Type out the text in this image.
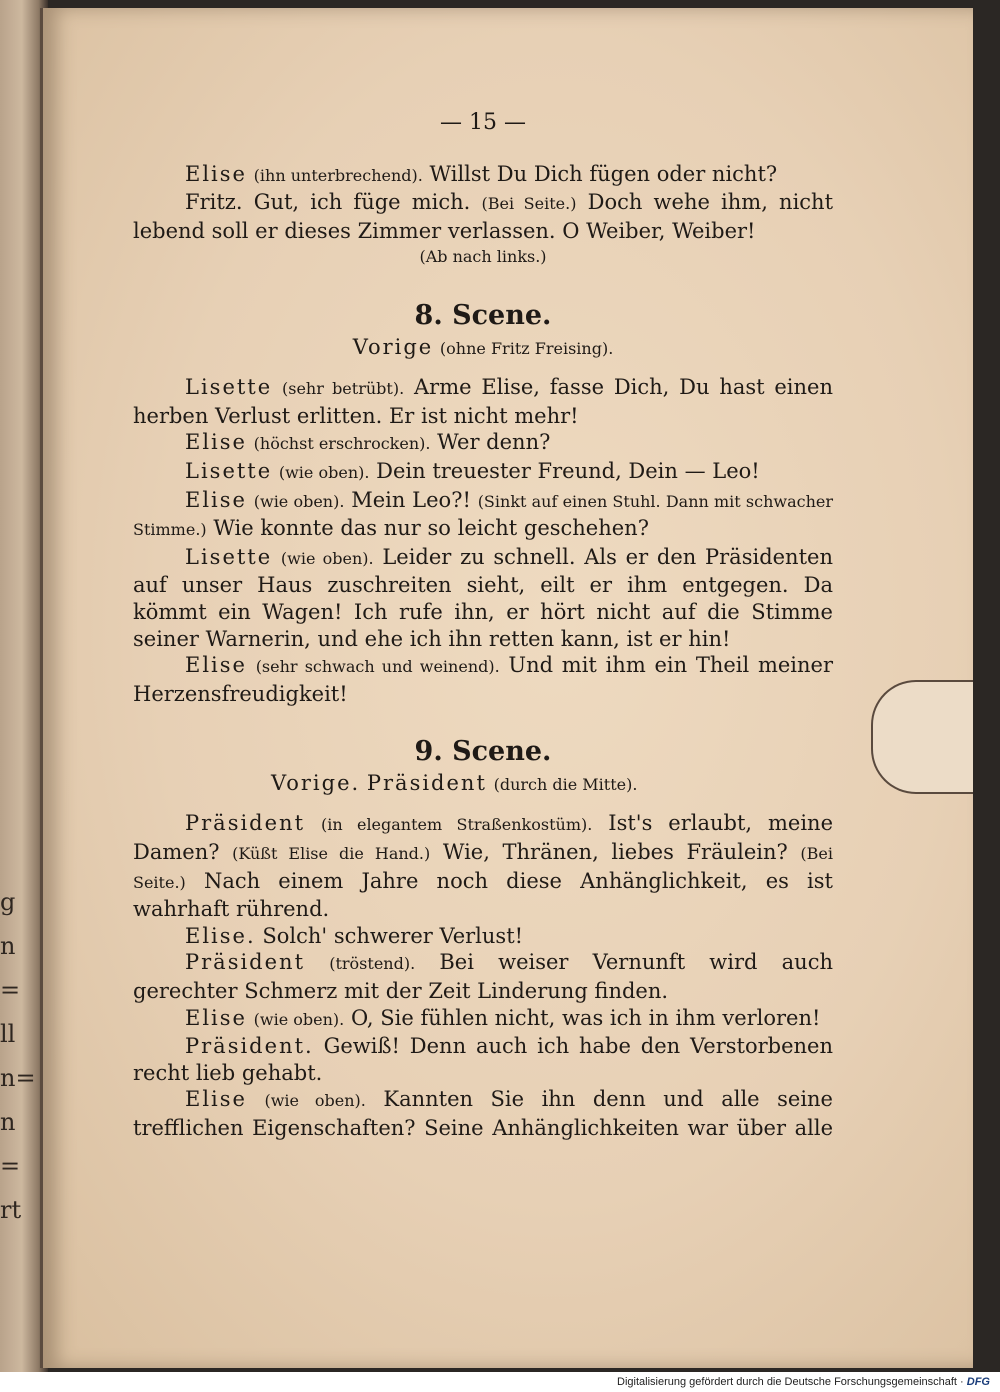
g
n
=
ll
n=
n
=
rt
— 15 —
Elise (ihn unterbrechend). Willst Du Dich fügen oder nicht?
Fritz. Gut, ich füge mich. (Bei Seite.) Doch wehe ihm, nicht lebend soll er dieses Zimmer verlassen. O Weiber, Weiber!
(Ab nach links.)
8. Scene.
Vorige (ohne Fritz Freising).
Lisette (sehr betrübt). Arme Elise, fasse Dich, Du hast einen herben Verlust erlitten. Er ist nicht mehr!
Elise (höchst erschrocken). Wer denn?
Lisette (wie oben). Dein treuester Freund, Dein — Leo!
Elise (wie oben). Mein Leo?! (Sinkt auf einen Stuhl. Dann mit schwacher Stimme.) Wie konnte das nur so leicht geschehen?
Lisette (wie oben). Leider zu schnell. Als er den Präsidenten auf unser Haus zuschreiten sieht, eilt er ihm entgegen. Da kömmt ein Wagen! Ich rufe ihn, er hört nicht auf die Stimme seiner Warnerin, und ehe ich ihn retten kann, ist er hin!
Elise (sehr schwach und weinend). Und mit ihm ein Theil meiner Herzensfreudigkeit!
9. Scene.
Vorige. Präsident (durch die Mitte).
Präsident (in elegantem Straßenkostüm). Ist's erlaubt, meine Damen? (Küßt Elise die Hand.) Wie, Thränen, liebes Fräulein? (Bei Seite.) Nach einem Jahre noch diese Anhänglichkeit, es ist wahrhaft rührend.
Elise. Solch' schwerer Verlust!
Präsident (tröstend). Bei weiser Vernunft wird auch gerechter Schmerz mit der Zeit Linderung finden.
Elise (wie oben). O, Sie fühlen nicht, was ich in ihm verloren!
Präsident. Gewiß! Denn auch ich habe den Verstorbenen recht lieb gehabt.
Elise (wie oben). Kannten Sie ihn denn und alle seine trefflichen Eigenschaften? Seine Anhänglichkeiten war über alle
Digitalisierung gefördert durch die Deutsche Forschungsgemeinschaft · DFG
